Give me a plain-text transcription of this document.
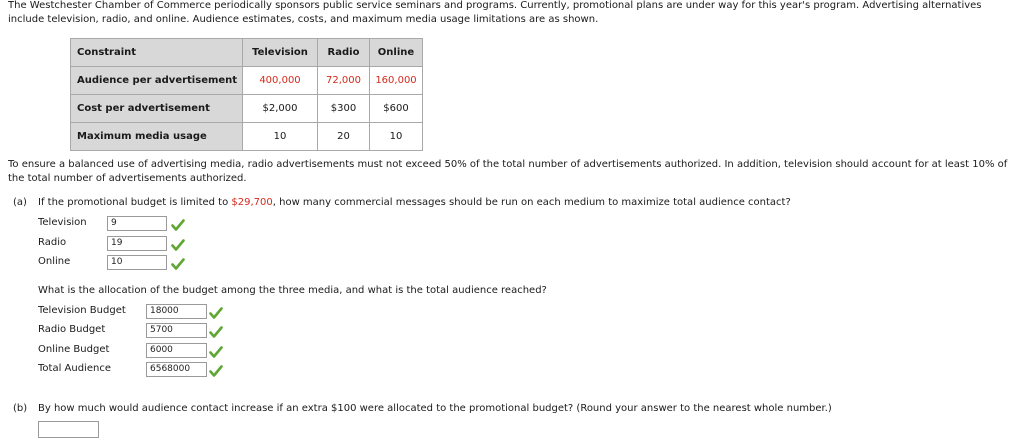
The Westchester Chamber of Commerce periodically sponsors public service seminars and programs. Currently, promotional plans are under way for this year's program. Advertising alternatives
include television, radio, and online. Audience estimates, costs, and maximum media usage limitations are as shown.
Constraint	Television	Radio	Online
Audience per advertisement	400,000	72,000	160,000
Cost per advertisement	$2,000	$300	$600
Maximum media usage	10	20	10
To ensure a balanced use of advertising media, radio advertisements must not exceed 50% of the total number of advertisements authorized. In addition, television should account for at least 10% of
the total number of advertisements authorized.
(a) If the promotional budget is limited to $29,700, how many commercial messages should be run on each medium to maximize total audience contact?
Television	9
Radio	19
Online	10
What is the allocation of the budget among the three media, and what is the total audience reached?
Television Budget	18000
Radio Budget	5700
Online Budget	6000
Total Audience	6568000
(b) By how much would audience contact increase if an extra $100 were allocated to the promotional budget? (Round your answer to the nearest whole number.)
